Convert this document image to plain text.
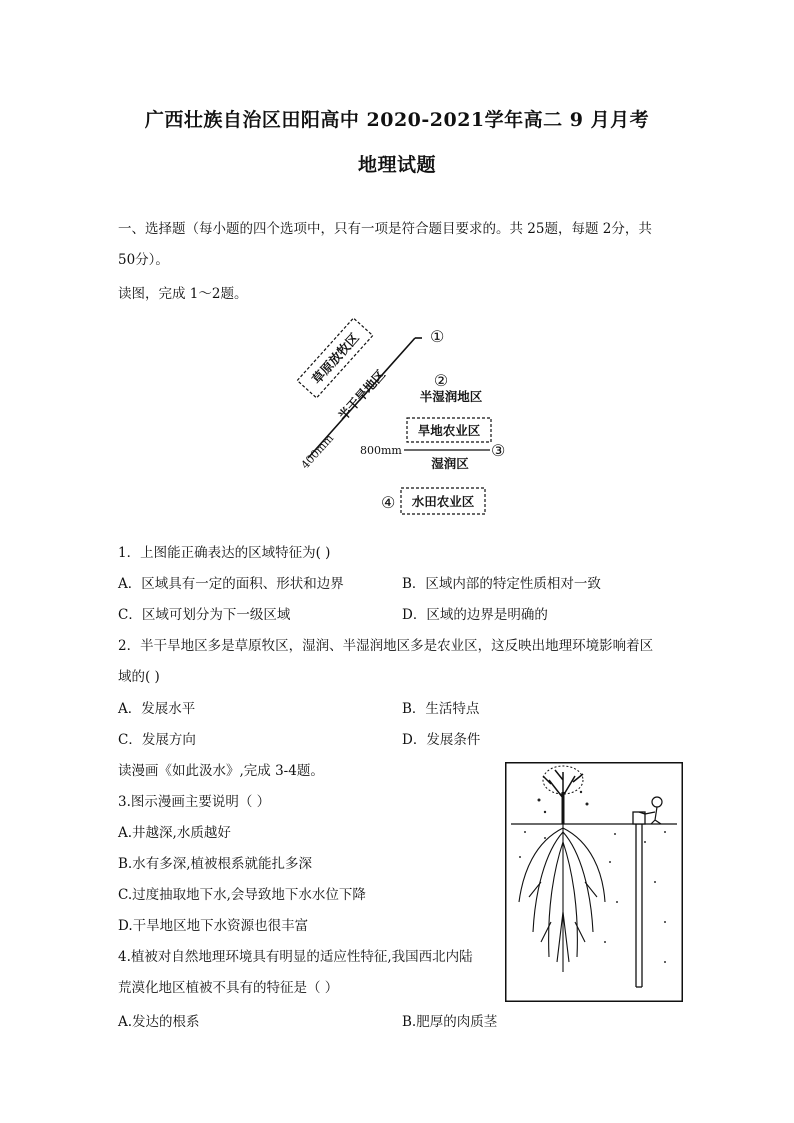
广西壮族自治区田阳高中 2020-2021学年高二 9 月月考
地理试题
一、选择题（每小题的四个选项中，只有一项是符合题目要求的。共 25题，每题 2分，共
50分）。
读图，完成 1～2题。
①
草原放牧区
半干旱地区
400mm
②
半湿润地区
旱地农业区
800mm	③
湿润区
④ 水田农业区
1．上图能正确表达的区域特征为( )
A．区域具有一定的面积、形状和边界	B．区域内部的特定性质相对一致
C．区域可划分为下一级区域	D．区域的边界是明确的
2．半干旱地区多是草原牧区，湿润、半湿润地区多是农业区，这反映出地理环境影响着区
域的( )
A．发展水平	B．生活特点
C．发展方向	D．发展条件
读漫画《如此汲水》,完成 3-4题。
3.图示漫画主要说明（ ）
A.井越深,水质越好
B.水有多深,植被根系就能扎多深
C.过度抽取地下水,会导致地下水水位下降
D.干旱地区地下水资源也很丰富
4.植被对自然地理环境具有明显的适应性特征,我国西北内陆
荒漠化地区植被不具有的特征是（ ）
A.发达的根系	B.肥厚的肉质茎
